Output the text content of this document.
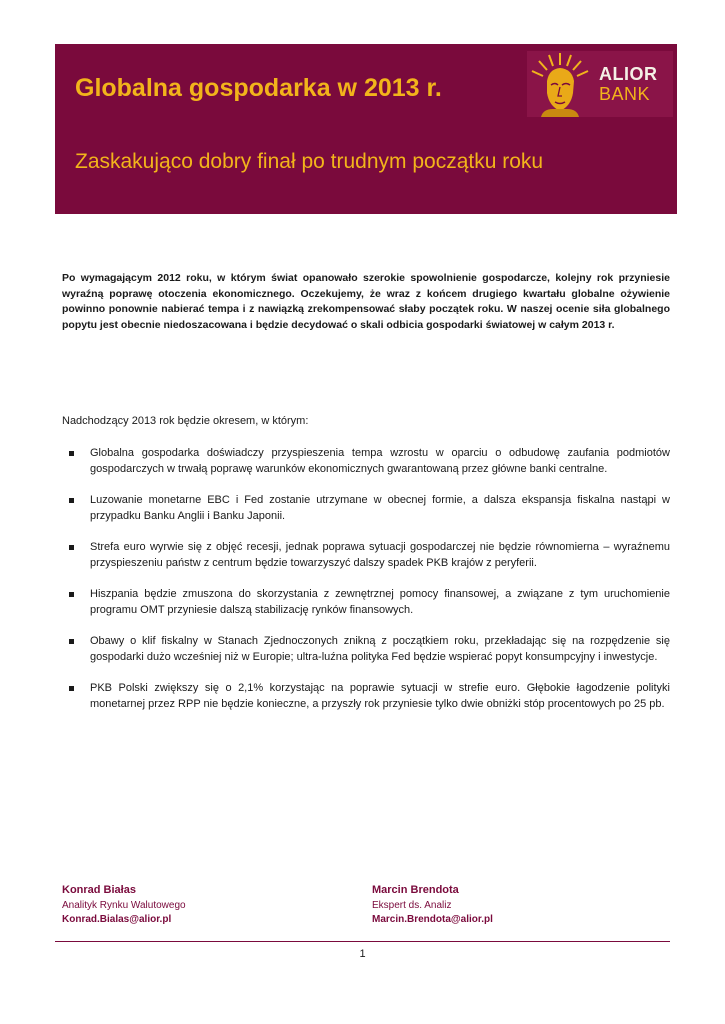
Globalna gospodarka w 2013 r.
Zaskakująco dobry finał po trudnym początku roku
ALIOR
BANK

Po wymagającym 2012 roku, w którym świat opanowało szerokie spowolnienie gospodarcze, kolejny rok przyniesie wyraźną poprawę otoczenia ekonomicznego. Oczekujemy, że wraz z końcem drugiego kwartału globalne ożywienie powinno ponownie nabierać tempa i z nawiązką zrekompensować słaby początek roku. W naszej ocenie siła globalnego popytu jest obecnie niedoszacowana i będzie decydować o skali odbicia gospodarki światowej w całym 2013 r.

Nadchodzący 2013 rok będzie okresem, w którym:

Globalna gospodarka doświadczy przyspieszenia tempa wzrostu w oparciu o odbudowę zaufania podmiotów gospodarczych w trwałą poprawę warunków ekonomicznych gwarantowaną przez główne banki centralne.
Luzowanie monetarne EBC i Fed zostanie utrzymane w obecnej formie, a dalsza ekspansja fiskalna nastąpi w przypadku Banku Anglii i Banku Japonii.
Strefa euro wyrwie się z objęć recesji, jednak poprawa sytuacji gospodarczej nie będzie równomierna – wyraźnemu przyspieszeniu państw z centrum będzie towarzyszyć dalszy spadek PKB krajów z peryferii.
Hiszpania będzie zmuszona do skorzystania z zewnętrznej pomocy finansowej, a związane z tym uruchomienie programu OMT przyniesie dalszą stabilizację rynków finansowych.
Obawy o klif fiskalny w Stanach Zjednoczonych znikną z początkiem roku, przekładając się na rozpędzenie się gospodarki dużo wcześniej niż w Europie; ultra-luźna polityka Fed będzie wspierać popyt konsumpcyjny i inwestycje.
PKB Polski zwiększy się o 2,1% korzystając na poprawie sytuacji w strefie euro. Głębokie łagodzenie polityki monetarnej przez RPP nie będzie konieczne, a przyszły rok przyniesie tylko dwie obniżki stóp procentowych po 25 pb.
Konrad Białas
Analityk Rynku Walutowego
Konrad.Bialas@alior.pl
Marcin Brendota
Ekspert ds. Analiz
Marcin.Brendota@alior.pl
1
